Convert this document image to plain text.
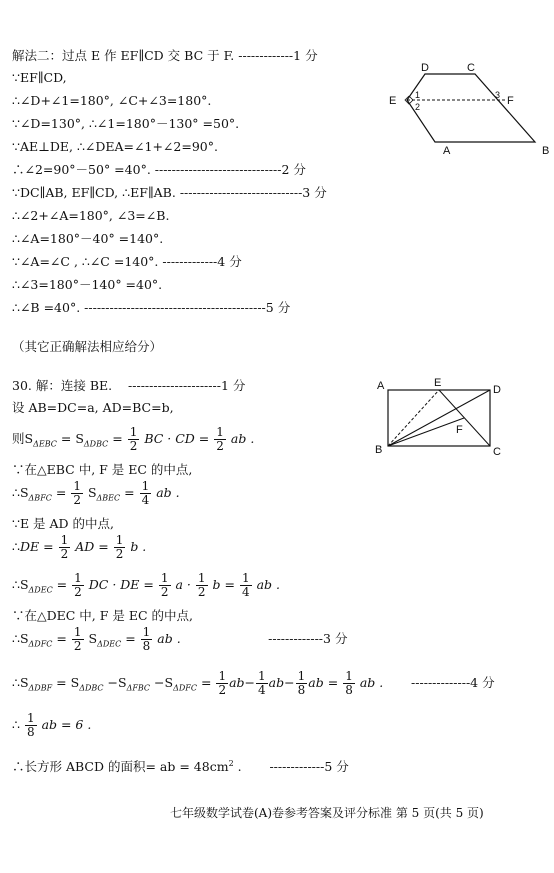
解法二：过点 E 作 EF∥CD 交 BC 于 F. -------------1 分
∵EF∥CD,
∴∠D+∠1=180°, ∠C+∠3=180°.
∵∠D=130°, ∴∠1=180°－130° =50°.
∵AE⊥DE, ∴∠DEA=∠1+∠2=90°.
∴∠2=90°－50° =40°. ------------------------------2 分
∵DC∥AB, EF∥CD, ∴EF∥AB. -----------------------------3 分
∴∠2+∠A=180°, ∠3=∠B.
∴∠A=180°－40° =140°.
∵∠A=∠C , ∴∠C =140°. -------------4 分
∴∠3=180°－140° =40°.
∴∠B =40°. -------------------------------------------5 分
（其它正确解法相应给分）
D	C
E	F
A	B
1
2
3
30. 解：连接 BE. ----------------------1 分
设 AB=DC=a, AD=BC=b,
则$S_{\Delta EBC} = S_{\Delta DBC} = \frac{1}{2}$ BC · CD = $\frac{1}{2}$ ab .
∵在△EBC 中, F 是 EC 的中点,
$\therefore S_{\Delta BFC} = \frac{1}{2} S_{\Delta BEC} = \frac{1}{4}$ ab .
∵E 是 AD 的中点,
∴DE = $\frac{1}{2}$ AD = $\frac{1}{2}$ b .
$\therefore S_{\Delta DEC} = \frac{1}{2}$ DC · DE = $\frac{1}{2}$ $a \cdot \frac{1}{2}$ $b = \frac{1}{4}$ ab .
∵在△DEC 中, F 是 EC 的中点,
$\therefore S_{\Delta DFC} = \frac{1}{2} S_{\Delta DEC} = \frac{1}{8}$ ab .	-------------3 分
$\therefore S_{\Delta DBF} = S_{\Delta DBC} -S_{\Delta FBC} -S_{\Delta DFC} = \frac{1}{2} ab- \frac{1}{4} ab- \frac{1}{8}$ ab = $\frac{1}{8}$ ab . --------------4 分
∴ $\frac{1}{8}$ ab = 6 .
∴长方形 ABCD 的面积= ab = $48cm^2$ . -------------5 分
A	E
D
F
B	C
七年级数学试卷(A)卷参考答案及评分标准 第 5 页(共 5 页)
